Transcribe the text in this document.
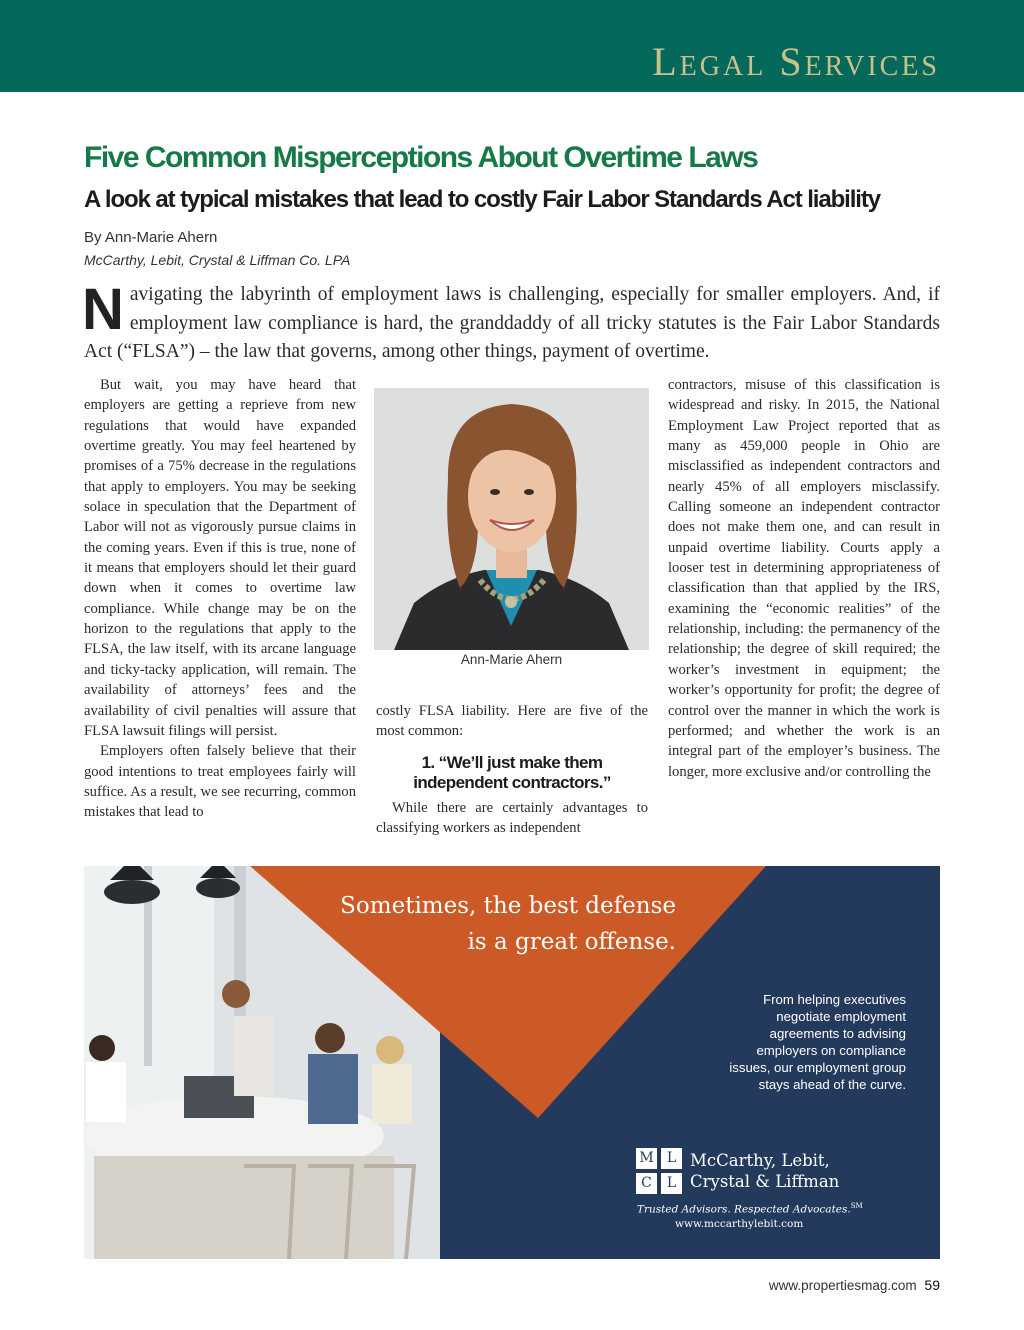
Legal Services
Five Common Misperceptions About Overtime Laws
A look at typical mistakes that lead to costly Fair Labor Standards Act liability
By Ann-Marie Ahern
McCarthy, Lebit, Crystal & Liffman Co. LPA
Navigating the labyrinth of employment laws is challenging, especially for smaller employers. And, if employment law compliance is hard, the granddaddy of all tricky statutes is the Fair Labor Standards Act (“FLSA”) – the law that governs, among other things, payment of overtime.

But wait, you may have heard that employers are getting a reprieve from new regulations that would have expanded overtime greatly. You may feel heartened by promises of a 75% decrease in the regulations that apply to employers. You may be seeking solace in speculation that the Department of Labor will not as vigorously pursue claims in the coming years. Even if this is true, none of it means that employers should let their guard down when it comes to overtime law compliance. While change may be on the horizon to the regulations that apply to the FLSA, the law itself, with its arcane language and ticky-tacky application, will remain. The availability of attorneys’ fees and the availability of civil penalties will assure that FLSA lawsuit filings will persist.

Employers often falsely believe that their good intentions to treat employees fairly will suffice. As a result, we see recurring, common mistakes that lead to

Ann-Marie Ahern

costly FLSA liability. Here are five of the most common:

1. “We’ll just make them independent contractors.”

While there are certainly advantages to classifying workers as independent

contractors, misuse of this classification is widespread and risky. In 2015, the National Employment Law Project reported that as many as 459,000 people in Ohio are misclassified as independent contractors and nearly 45% of all employers misclassify. Calling someone an independent contractor does not make them one, and can result in unpaid overtime liability. Courts apply a looser test in determining appropriateness of classification than that applied by the IRS, examining the “economic realities” of the relationship, including: the permanency of the relationship; the degree of skill required; the worker’s investment in equipment; the worker’s opportunity for profit; the degree of control over the manner in which the work is performed; and whether the work is an integral part of the employer’s business. The longer, more exclusive and/or controlling the

Sometimes, the best defense
is a great offense.
From helping executives negotiate employment agreements to advising employers on compliance issues, our employment group stays ahead of the curve.
M L
C	L
McCarthy, Lebit,
Crystal & Liffman
Trusted Advisors. Respected Advocates.℠
www.mccarthylebit.com
www.propertiesmag.com 59
